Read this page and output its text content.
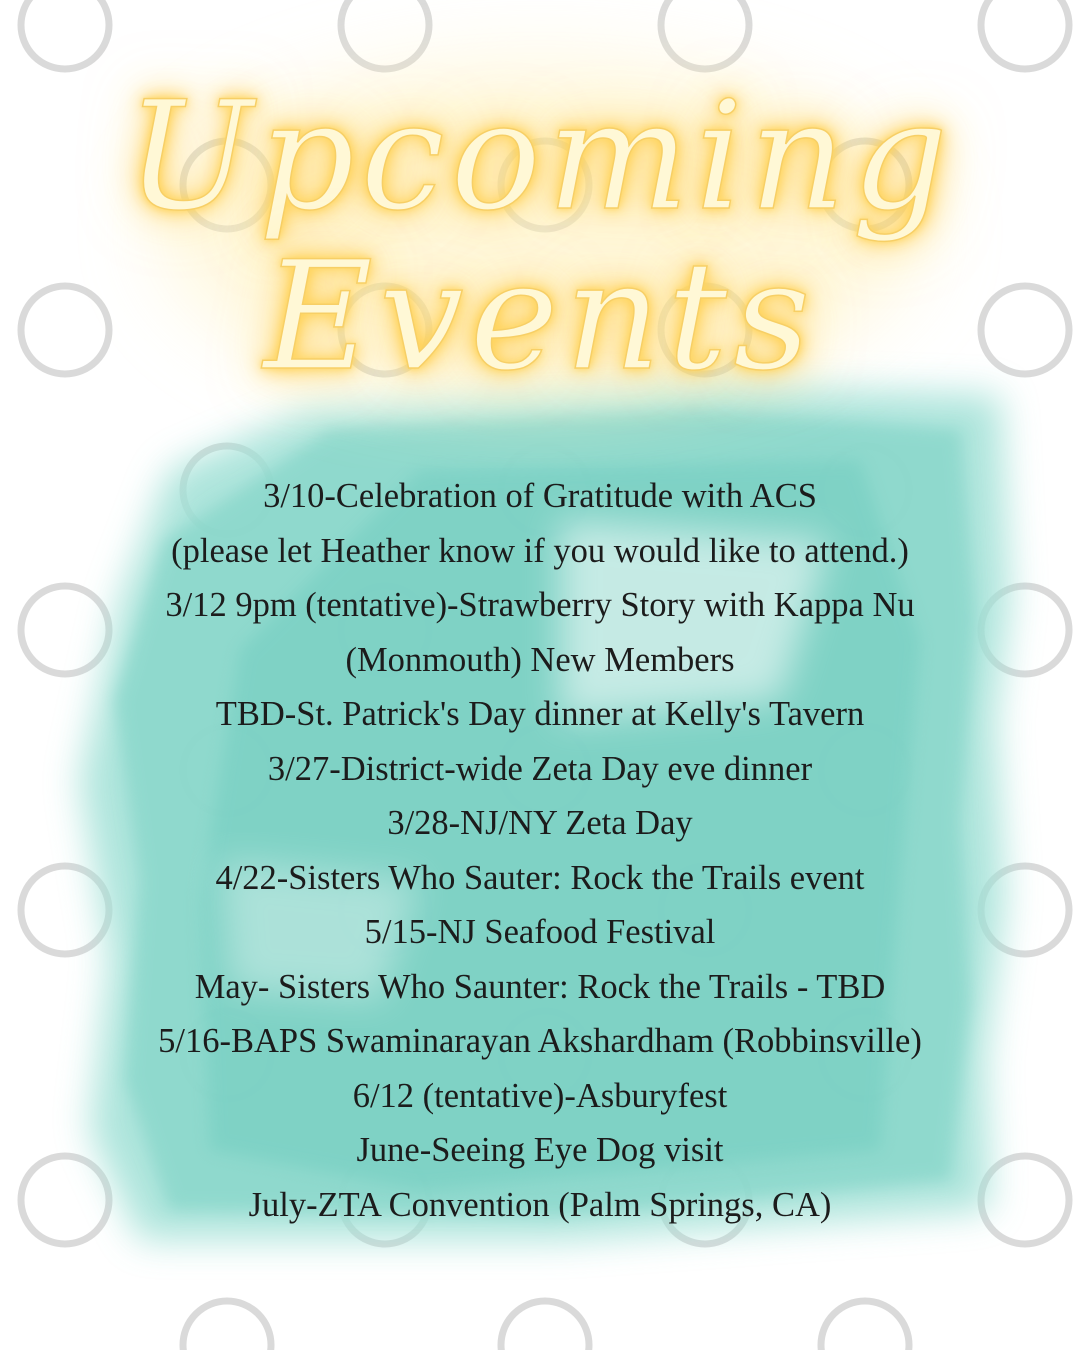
Upcoming
Events
3/10-Celebration of Gratitude with ACS
(please let Heather know if you would like to attend.)
3/12 9pm (tentative)-Strawberry Story with Kappa Nu
(Monmouth) New Members
TBD-St. Patrick's Day dinner at Kelly's Tavern
3/27-District-wide Zeta Day eve dinner
3/28-NJ/NY Zeta Day
4/22-Sisters Who Sauter: Rock the Trails event
5/15-NJ Seafood Festival
May- Sisters Who Saunter: Rock the Trails - TBD
5/16-BAPS Swaminarayan Akshardham (Robbinsville)
6/12 (tentative)-Asburyfest
June-Seeing Eye Dog visit
July-ZTA Convention (Palm Springs, CA)
